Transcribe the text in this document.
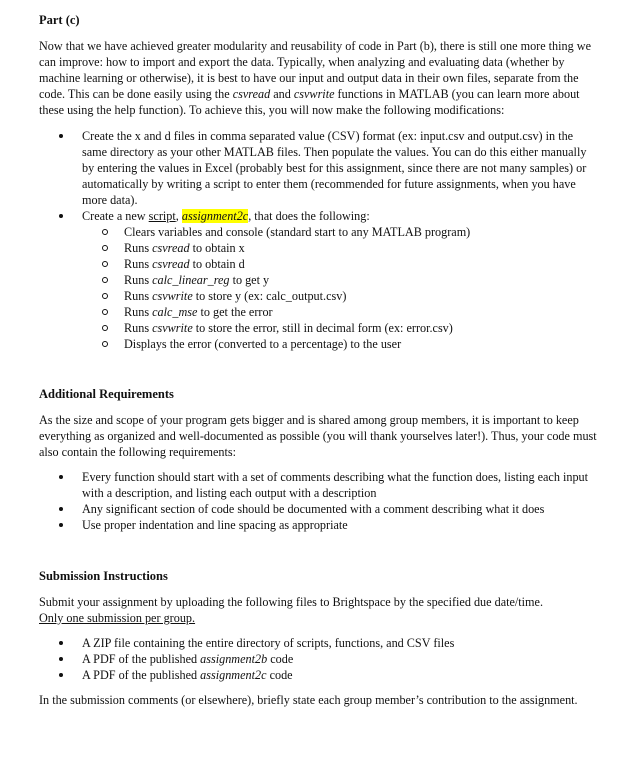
Part (c)

Now that we have achieved greater modularity and reusability of code in Part (b), there is still one more thing we can improve: how to import and export the data. Typically, when analyzing and evaluating data (whether by machine learning or otherwise), it is best to have our input and output data in their own files, separate from the code. This can be done easily using the csvread and csvwrite functions in MATLAB (you can learn more about these using the help function). To achieve this, you will now make the following modifications:

Create the x and d files in comma separated value (CSV) format (ex: input.csv and output.csv) in the same directory as your other MATLAB files. Then populate the values. You can do this either manually by entering the values in Excel (probably best for this assignment, since there are not many samples) or automatically by writing a script to enter them (recommended for future assignments, when you have more data).
Create a new script, assignment2c, that does the following:
Clears variables and console (standard start to any MATLAB program)
Runs csvread to obtain x
Runs csvread to obtain d
Runs calc_linear_reg to get y
Runs csvwrite to store y (ex: calc_output.csv)
Runs calc_mse to get the error
Runs csvwrite to store the error, still in decimal form (ex: error.csv)
Displays the error (converted to a percentage) to the user
Additional Requirements

As the size and scope of your program gets bigger and is shared among group members, it is important to keep everything as organized and well-documented as possible (you will thank yourselves later!). Thus, your code must also contain the following requirements:

Every function should start with a set of comments describing what the function does, listing each input with a description, and listing each output with a description
Any significant section of code should be documented with a comment describing what it does
Use proper indentation and line spacing as appropriate
Submission Instructions

Submit your assignment by uploading the following files to Brightspace by the specified due date/time.

Only one submission per group.

A ZIP file containing the entire directory of scripts, functions, and CSV files
A PDF of the published assignment2b code
A PDF of the published assignment2c code

In the submission comments (or elsewhere), briefly state each group member’s contribution to the assignment.
